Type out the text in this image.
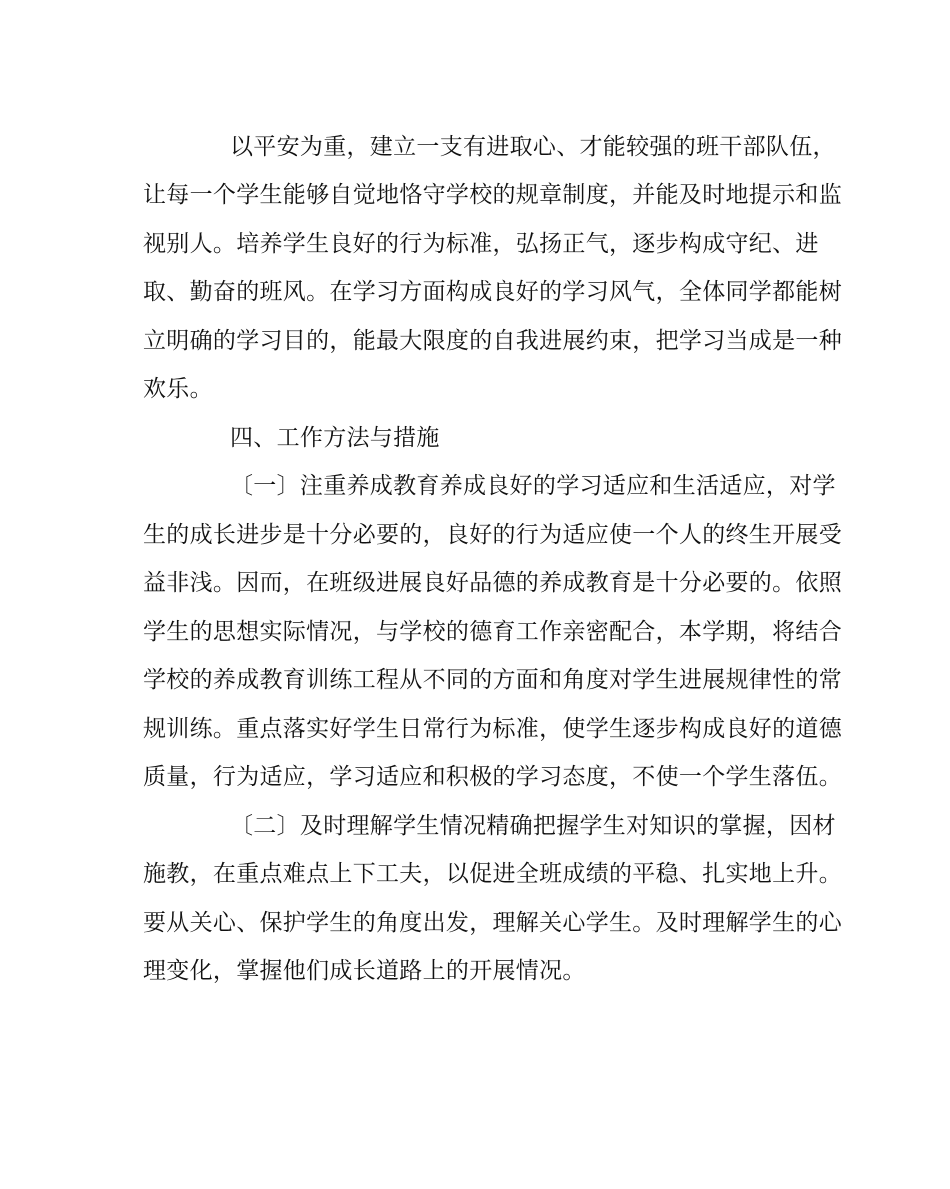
以平安为重，建立一支有进取心、才能较强的班干部队伍，

让每一个学生能够自觉地恪守学校的规章制度，并能及时地提示和监

视别人。培养学生良好的行为标准，弘扬正气，逐步构成守纪、进

取、勤奋的班风。在学习方面构成良好的学习风气，全体同学都能树

立明确的学习目的，能最大限度的自我进展约束，把学习当成是一种

欢乐。

四、工作方法与措施

〔一〕注重养成教育养成良好的学习适应和生活适应，对学

生的成长进步是十分必要的，良好的行为适应使一个人的终生开展受

益非浅。因而，在班级进展良好品德的养成教育是十分必要的。依照

学生的思想实际情况，与学校的德育工作亲密配合，本学期，将结合

学校的养成教育训练工程从不同的方面和角度对学生进展规律性的常

规训练。重点落实好学生日常行为标准，使学生逐步构成良好的道德

质量，行为适应，学习适应和积极的学习态度，不使一个学生落伍。

〔二〕及时理解学生情况精确把握学生对知识的掌握，因材

施教，在重点难点上下工夫，以促进全班成绩的平稳、扎实地上升。

要从关心、保护学生的角度出发，理解关心学生。及时理解学生的心

理变化，掌握他们成长道路上的开展情况。
